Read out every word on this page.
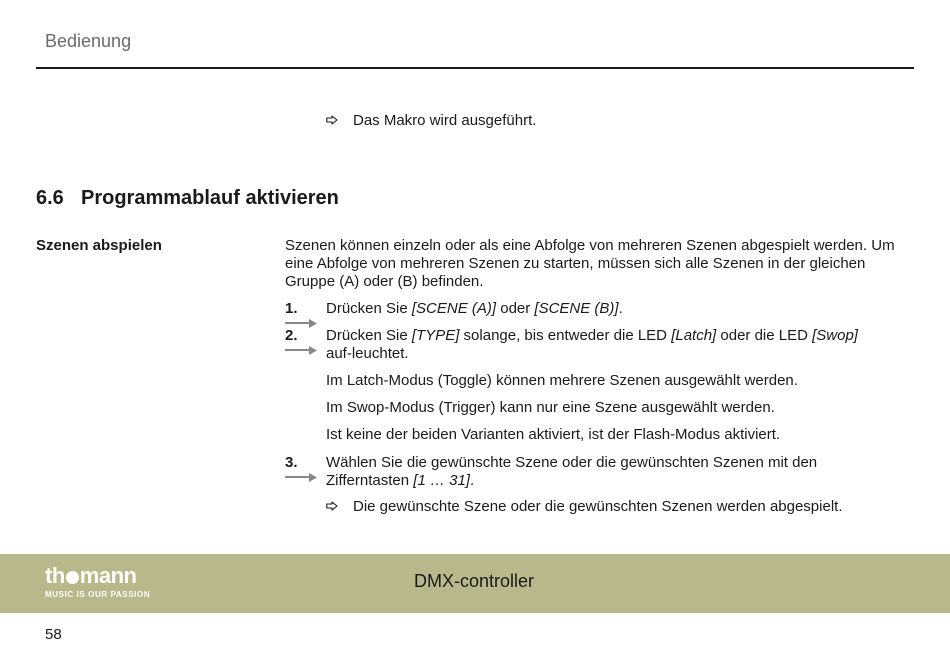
Bedienung
Das Makro wird ausgeführt.
6.6 Programmablauf aktivieren
Szenen abspielen	Szenen können einzeln oder als eine Abfolge von mehreren Szenen abgespielt werden. Um eine Abfolge von mehreren Szenen zu starten, müssen sich alle Szenen in der gleichen Gruppe (A) oder (B) befinden.
1.	Drücken Sie [SCENE (A)] oder [SCENE (B)].
2.	Drücken Sie [TYPE] solange, bis entweder die LED [Latch] oder die LED [Swop] auf-leuchtet.
Im Latch-Modus (Toggle) können mehrere Szenen ausgewählt werden.
Im Swop-Modus (Trigger) kann nur eine Szene ausgewählt werden.
Ist keine der beiden Varianten aktiviert, ist der Flash-Modus aktiviert.
3.	Wählen Sie die gewünschte Szene oder die gewünschten Szenen mit den Zifferntasten [1 … 31].
Die gewünschte Szene oder die gewünschten Szenen werden abgespielt.
th mann
MUSIC IS OUR PASSION
DMX-controller
58
